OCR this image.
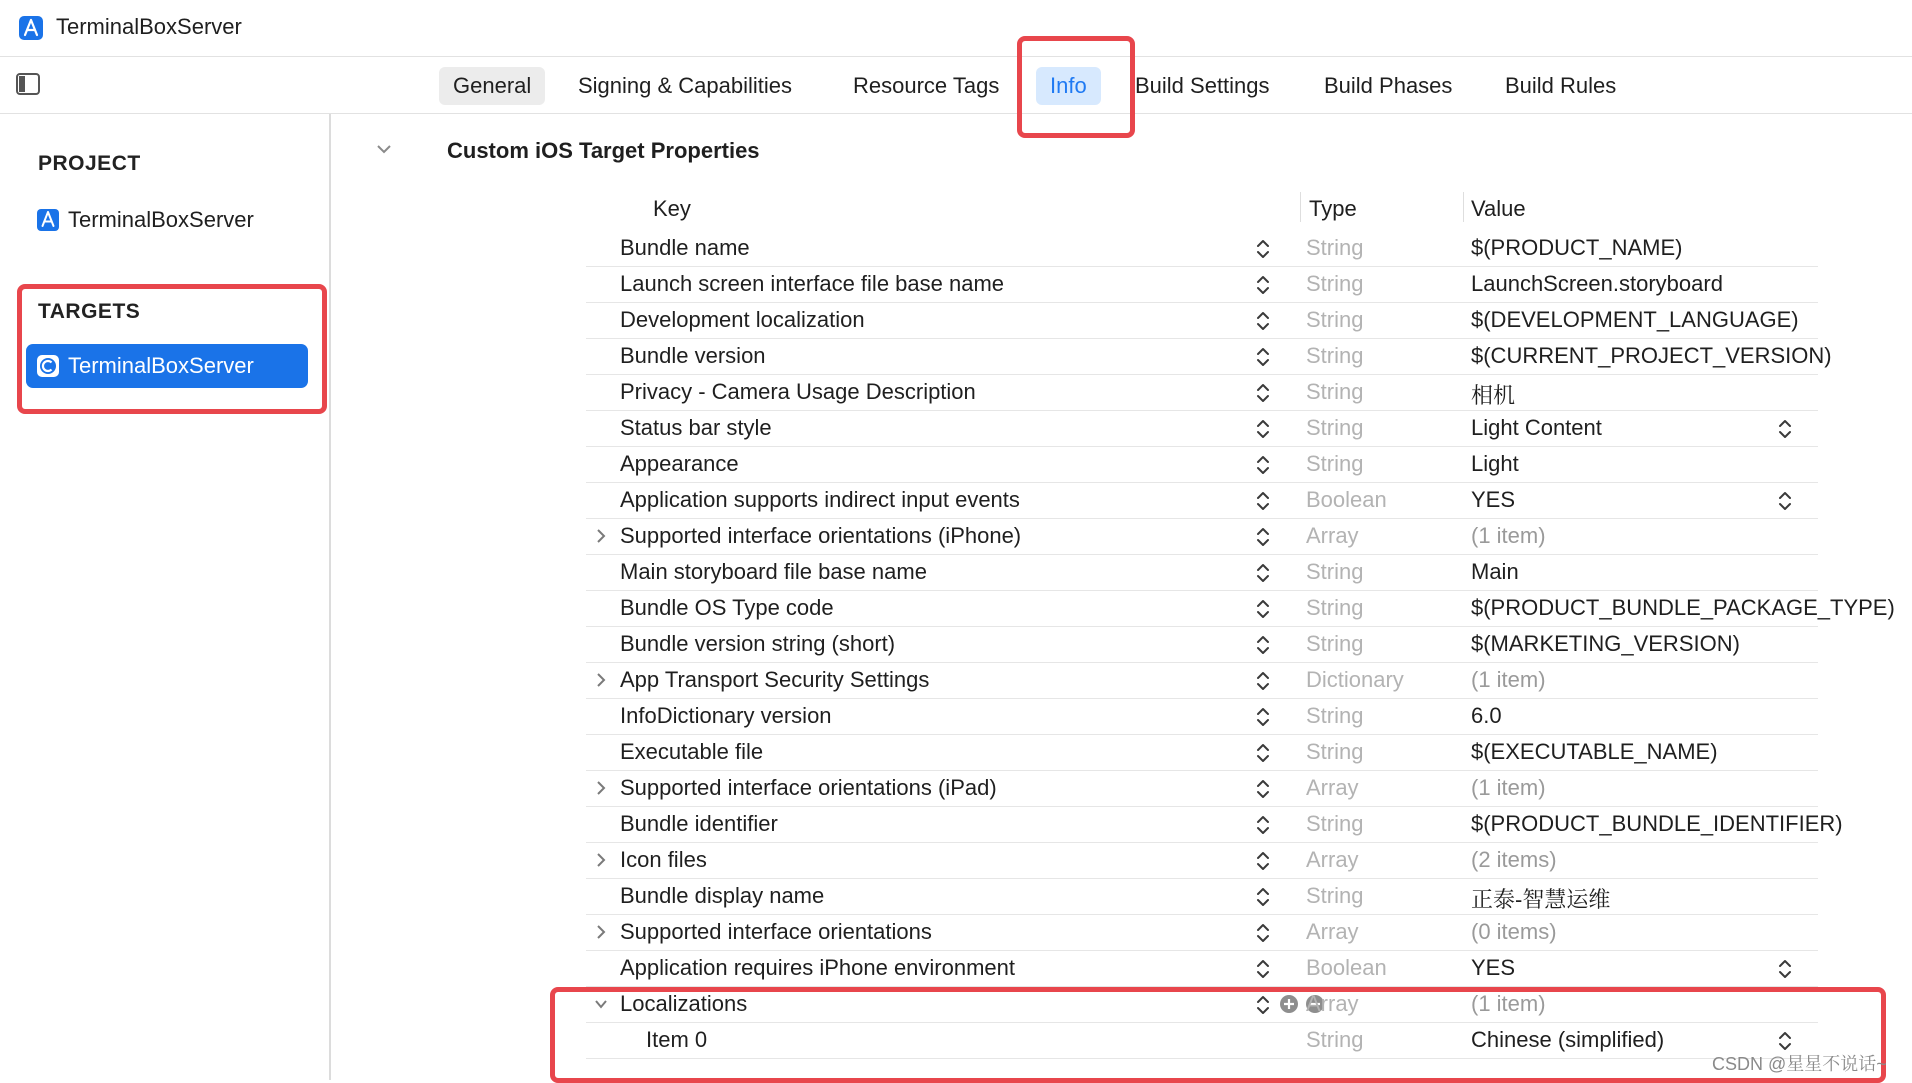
TerminalBoxServer
General	Signing & Capabilities	Resource Tags	Info	Build Settings	Build Phases	Build Rules
PROJECT
TerminalBoxServer
TARGETS
TerminalBoxServer
Custom iOS Target Properties
Key	Type	Value
Bundle name	String	$(PRODUCT_NAME)
Launch screen interface file base name	String	LaunchScreen.storyboard
Development localization	String	$(DEVELOPMENT_LANGUAGE)
Bundle version	String	$(CURRENT_PROJECT_VERSION)
Privacy - Camera Usage Description	String	相机
Status bar style	String	Light Content
Appearance	String	Light
Application supports indirect input events	Boolean	YES
Supported interface orientations (iPhone)	Array	(1 item)
Main storyboard file base name	String	Main
Bundle OS Type code	String	$(PRODUCT_BUNDLE_PACKAGE_TYPE)
Bundle version string (short)	String	$(MARKETING_VERSION)
App Transport Security Settings	Dictionary	(1 item)
InfoDictionary version	String	6.0
Executable file	String	$(EXECUTABLE_NAME)
Supported interface orientations (iPad)	Array	(1 item)
Bundle identifier	String	$(PRODUCT_BUNDLE_IDENTIFIER)
Icon files	Array	(2 items)
Bundle display name	String	正泰-智慧运维
Supported interface orientations	Array	(0 items)
Application requires iPhone environment	Boolean	YES
Localizations	Array	(1 item)
Item 0	String	Chinese (simplified)
CSDN @星星不说话~
